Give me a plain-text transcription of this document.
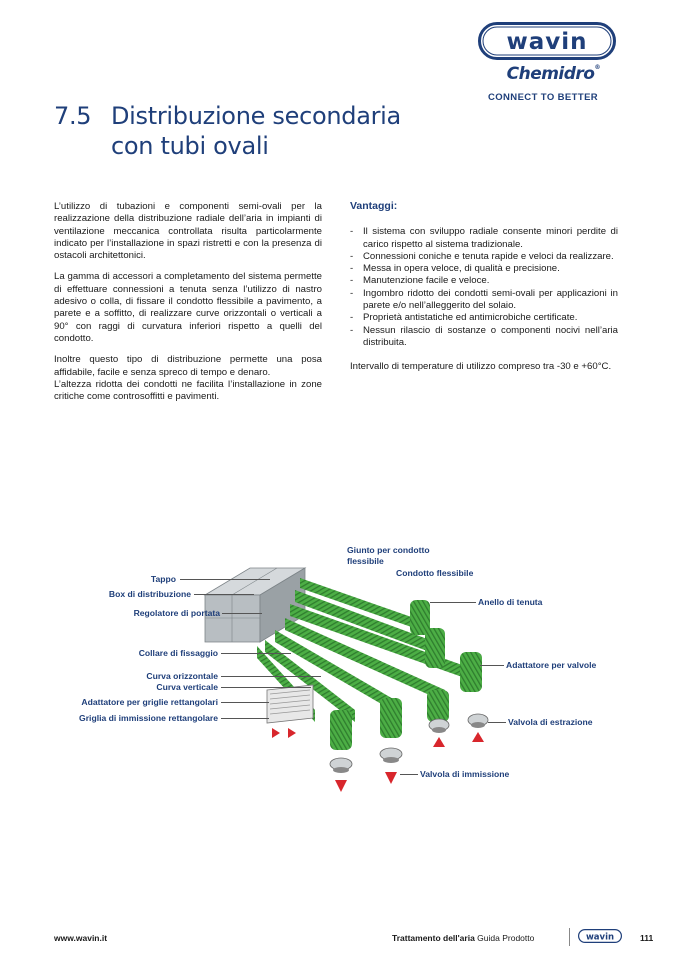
wavin
Chemidro®
CONNECT TO BETTER
7.5 Distribuzione secondaria
con tubi ovali

L’utilizzo di tubazioni e componenti semi-ovali per la realizzazione della distribuzione radiale dell’aria in impianti di ventilazione meccanica controllata risulta particolarmente indicato per l’installazione in spazi ristretti e con la presenza di ostacoli architettonici.

La gamma di accessori a completamento del sistema permette di effettuare connessioni a tenuta senza l’utilizzo di nastro adesivo o colla, di fissare il condotto flessibile a pavimento, a parete e a soffitto, di realizzare curve orizzontali o verticali a 90° con raggi di curvatura inferiori rispetto a quelli del condotto.

Inoltre questo tipo di distribuzione permette una posa affidabile, facile e senza spreco di tempo e denaro.

L’altezza ridotta dei condotti ne facilita l’installazione in zone critiche come controsoffitti e pavimenti.

Vantaggi:
- Il sistema con sviluppo radiale consente minori perdite di carico rispetto al sistema tradizionale.
- Connessioni coniche e tenuta rapide e veloci da realizzare.
- Messa in opera veloce, di qualità e precisione.
- Manutenzione facile e veloce.
- Ingombro ridotto dei condotti semi-ovali per applicazioni in parete e/o nell’alleggerito del solaio.
- Proprietà antistatiche ed antimicrobiche certificate.
- Nessun rilascio di sostanze o componenti nocivi nell’aria distribuita.

Intervallo di temperature di utilizzo compreso tra -30 e +60°C.

Giunto per condotto
flessibile
Condotto flessibile
Tappo
Box di distribuzione
Anello di tenuta
Regolatore di portata
Collare di fissaggio
Adattatore per valvole
Curva orizzontale
Curva verticale
Adattatore per griglie rettangolari
Griglia di immissione rettangolare	Valvola di estrazione
Valvola di immissione
www.wavin.it	Trattamento dell'aria Guida Prodotto	wavin	111
